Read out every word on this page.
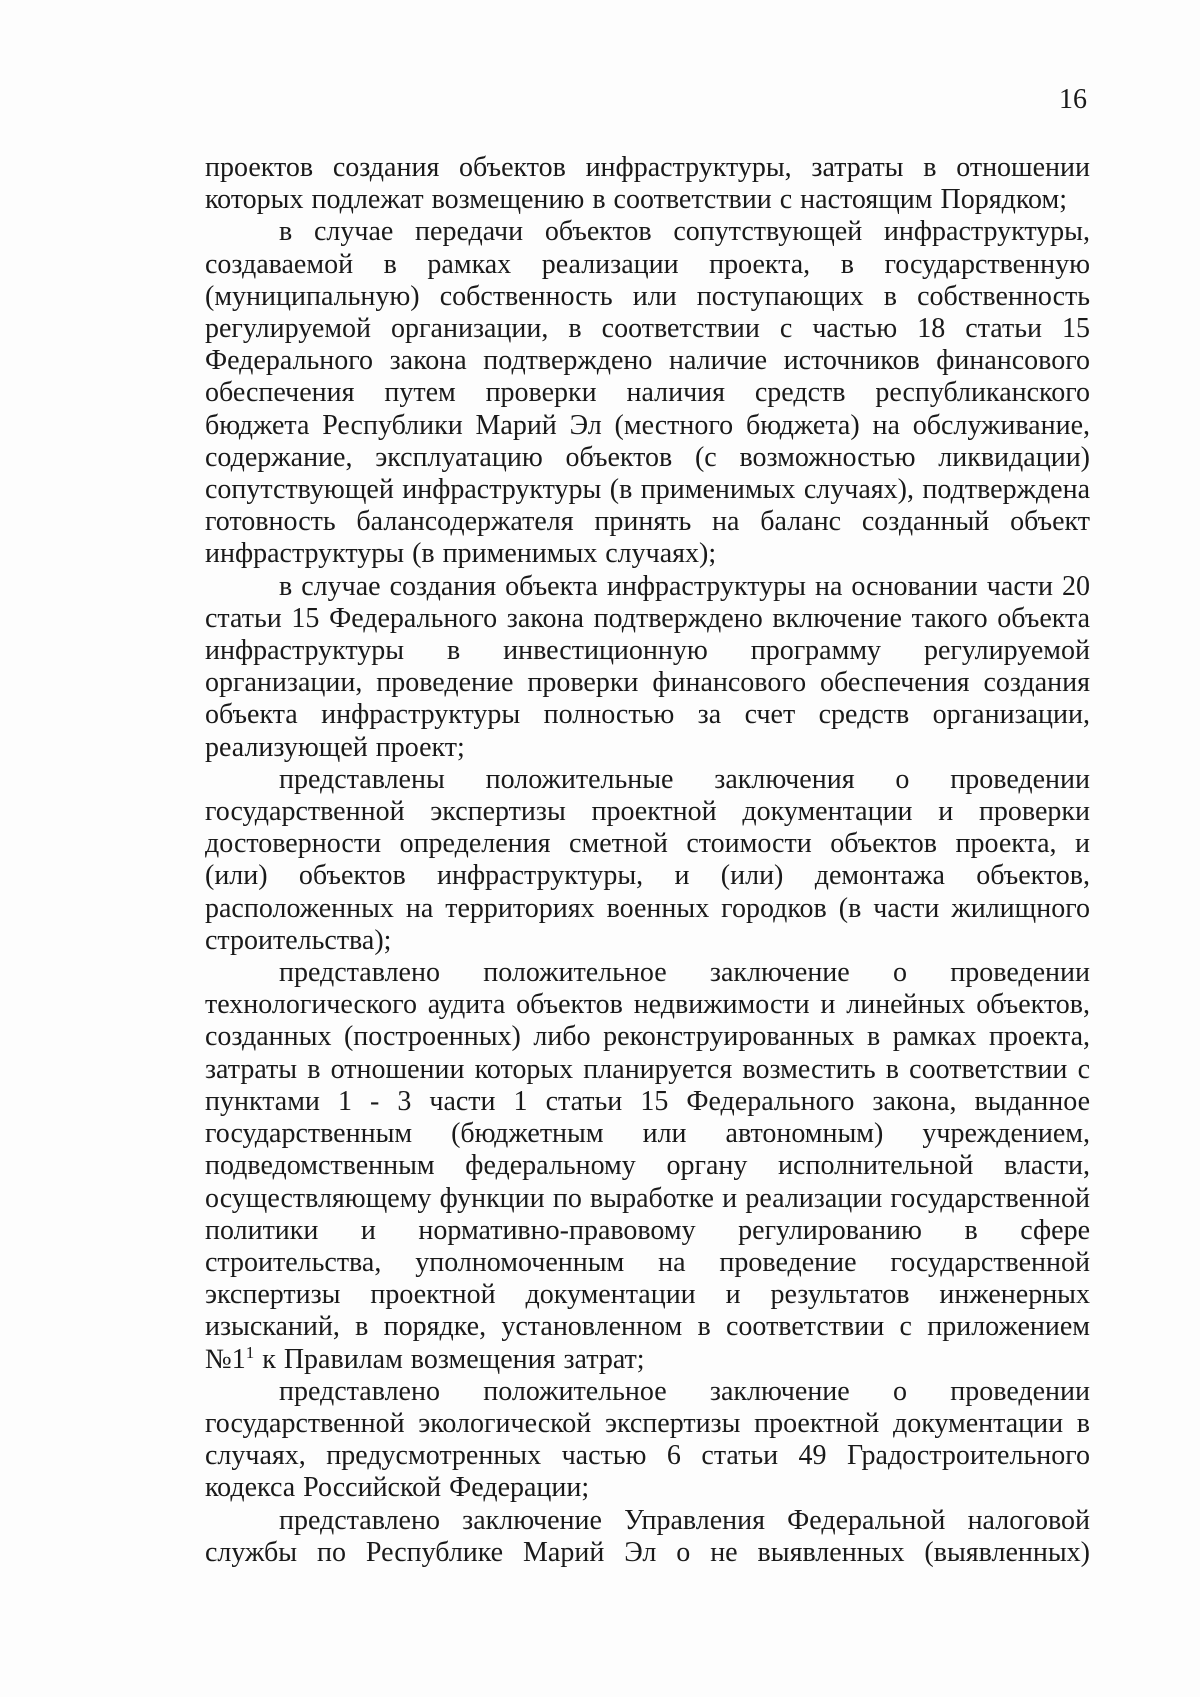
16

проектов создания объектов инфраструктуры, затраты в отношении которых подлежат возмещению в соответствии с настоящим Порядком;

в случае передачи объектов сопутствующей инфраструктуры, создаваемой в рамках реализации проекта, в государственную (муниципальную) собственность или поступающих в собственность регулируемой организации, в соответствии с частью 18 статьи 15 Федерального закона подтверждено наличие источников финансового обеспечения путем проверки наличия средств республиканского бюджета Республики Марий Эл (местного бюджета) на обслуживание, содержание, эксплуатацию объектов (с возможностью ликвидации) сопутствующей инфраструктуры (в применимых случаях), подтверждена готовность балансодержателя принять на баланс созданный объект инфраструктуры (в применимых случаях);

в случае создания объекта инфраструктуры на основании части 20 статьи 15 Федерального закона подтверждено включение такого объекта инфраструктуры в инвестиционную программу регулируемой организации, проведение проверки финансового обеспечения создания объекта инфраструктуры полностью за счет средств организации, реализующей проект;

представлены положительные заключения о проведении государственной экспертизы проектной документации и проверки достоверности определения сметной стоимости объектов проекта, и (или) объектов инфраструктуры, и (или) демонтажа объектов, расположенных на территориях военных городков (в части жилищного строительства);

представлено положительное заключение о проведении технологического аудита объектов недвижимости и линейных объектов, созданных (построенных) либо реконструированных в рамках проекта, затраты в отношении которых планируется возместить в соответствии с пунктами 1 - 3 части 1 статьи 15 Федерального закона, выданное государственным (бюджетным или автономным) учреждением, подведомственным федеральному органу исполнительной власти, осуществляющему функции по выработке и реализации государственной политики и нормативно-правовому регулированию в сфере строительства, уполномоченным на проведение государственной экспертизы проектной документации и результатов инженерных изысканий, в порядке, установленном в соответствии с приложением $№1^1$ к Правилам возмещения затрат;

представлено положительное заключение о проведении государственной экологической экспертизы проектной документации в случаях, предусмотренных частью 6 статьи 49 Градостроительного кодекса Российской Федерации;

представлено заключение Управления Федеральной налоговой службы по Республике Марий Эл о не выявленных (выявленных)
